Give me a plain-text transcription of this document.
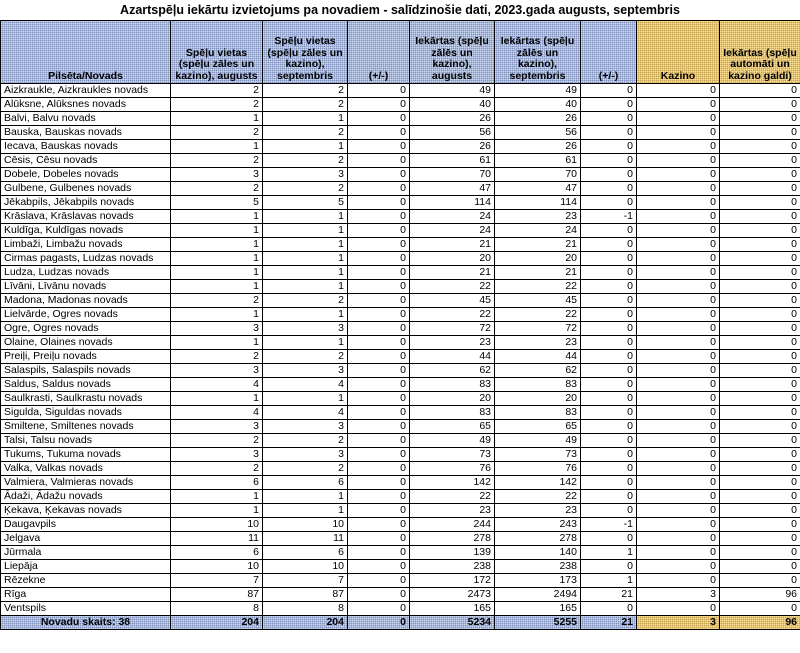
Azartspēļu iekārtu izvietojums pa novadiem - salīdzinošie dati, 2023.gada augusts, septembris
Pilsēta/Novads	Spēļu vietas (spēļu zāles un kazino), augusts	Spēļu vietas (spēļu zāles un kazino), septembris	(+/-)	Iekārtas (spēļu zālēs un kazino), augusts	Iekārtas (spēļu zālēs un kazino), septembris	(+/-)	Kazino	Iekārtas (spēļu automāti un kazino galdi)
Aizkraukle, Aizkraukles novads	2	2	0	49	49	0	0	0
Alūksne, Alūksnes novads	2	2	0	40	40	0	0	0
Balvi, Balvu novads	1	1	0	26	26	0	0	0
Bauska, Bauskas novads	2	2	0	56	56	0	0	0
Iecava, Bauskas novads	1	1	0	26	26	0	0	0
Cēsis, Cēsu novads	2	2	0	61	61	0	0	0
Dobele, Dobeles novads	3	3	0	70	70	0	0	0
Gulbene, Gulbenes novads	2	2	0	47	47	0	0	0
Jēkabpils, Jēkabpils novads	5	5	0	114	114	0	0	0
Krāslava, Krāslavas novads	1	1	0	24	23	-1	0	0
Kuldīga, Kuldīgas novads	1	1	0	24	24	0	0	0
Limbaži, Limbažu novads	1	1	0	21	21	0	0	0
Cirmas pagasts, Ludzas novads	1	1	0	20	20	0	0	0
Ludza, Ludzas novads	1	1	0	21	21	0	0	0
Līvāni, Līvānu novads	1	1	0	22	22	0	0	0
Madona, Madonas novads	2	2	0	45	45	0	0	0
Lielvārde, Ogres novads	1	1	0	22	22	0	0	0
Ogre, Ogres novads	3	3	0	72	72	0	0	0
Olaine, Olaines novads	1	1	0	23	23	0	0	0
Preiļi, Preiļu novads	2	2	0	44	44	0	0	0
Salaspils, Salaspils novads	3	3	0	62	62	0	0	0
Saldus, Saldus novads	4	4	0	83	83	0	0	0
Saulkrasti, Saulkrastu novads	1	1	0	20	20	0	0	0
Sigulda, Siguldas novads	4	4	0	83	83	0	0	0
Smiltene, Smiltenes novads	3	3	0	65	65	0	0	0
Talsi, Talsu novads	2	2	0	49	49	0	0	0
Tukums, Tukuma novads	3	3	0	73	73	0	0	0
Valka, Valkas novads	2	2	0	76	76	0	0	0
Valmiera, Valmieras novads	6	6	0	142	142	0	0	0
Ādaži, Ādažu novads	1	1	0	22	22	0	0	0
Ķekava, Ķekavas novads	1	1	0	23	23	0	0	0
Daugavpils	10	10	0	244	243	-1	0	0
Jelgava	11	11	0	278	278	0	0	0
Jūrmala	6	6	0	139	140	1	0	0
Liepāja	10	10	0	238	238	0	0	0
Rēzekne	7	7	0	172	173	1	0	0
Rīga	87	87	0	2473	2494	21	3	96
Ventspils	8	8	0	165	165	0	0	0
Novadu skaits: 38	204	204	0	5234	5255	21	3	96
